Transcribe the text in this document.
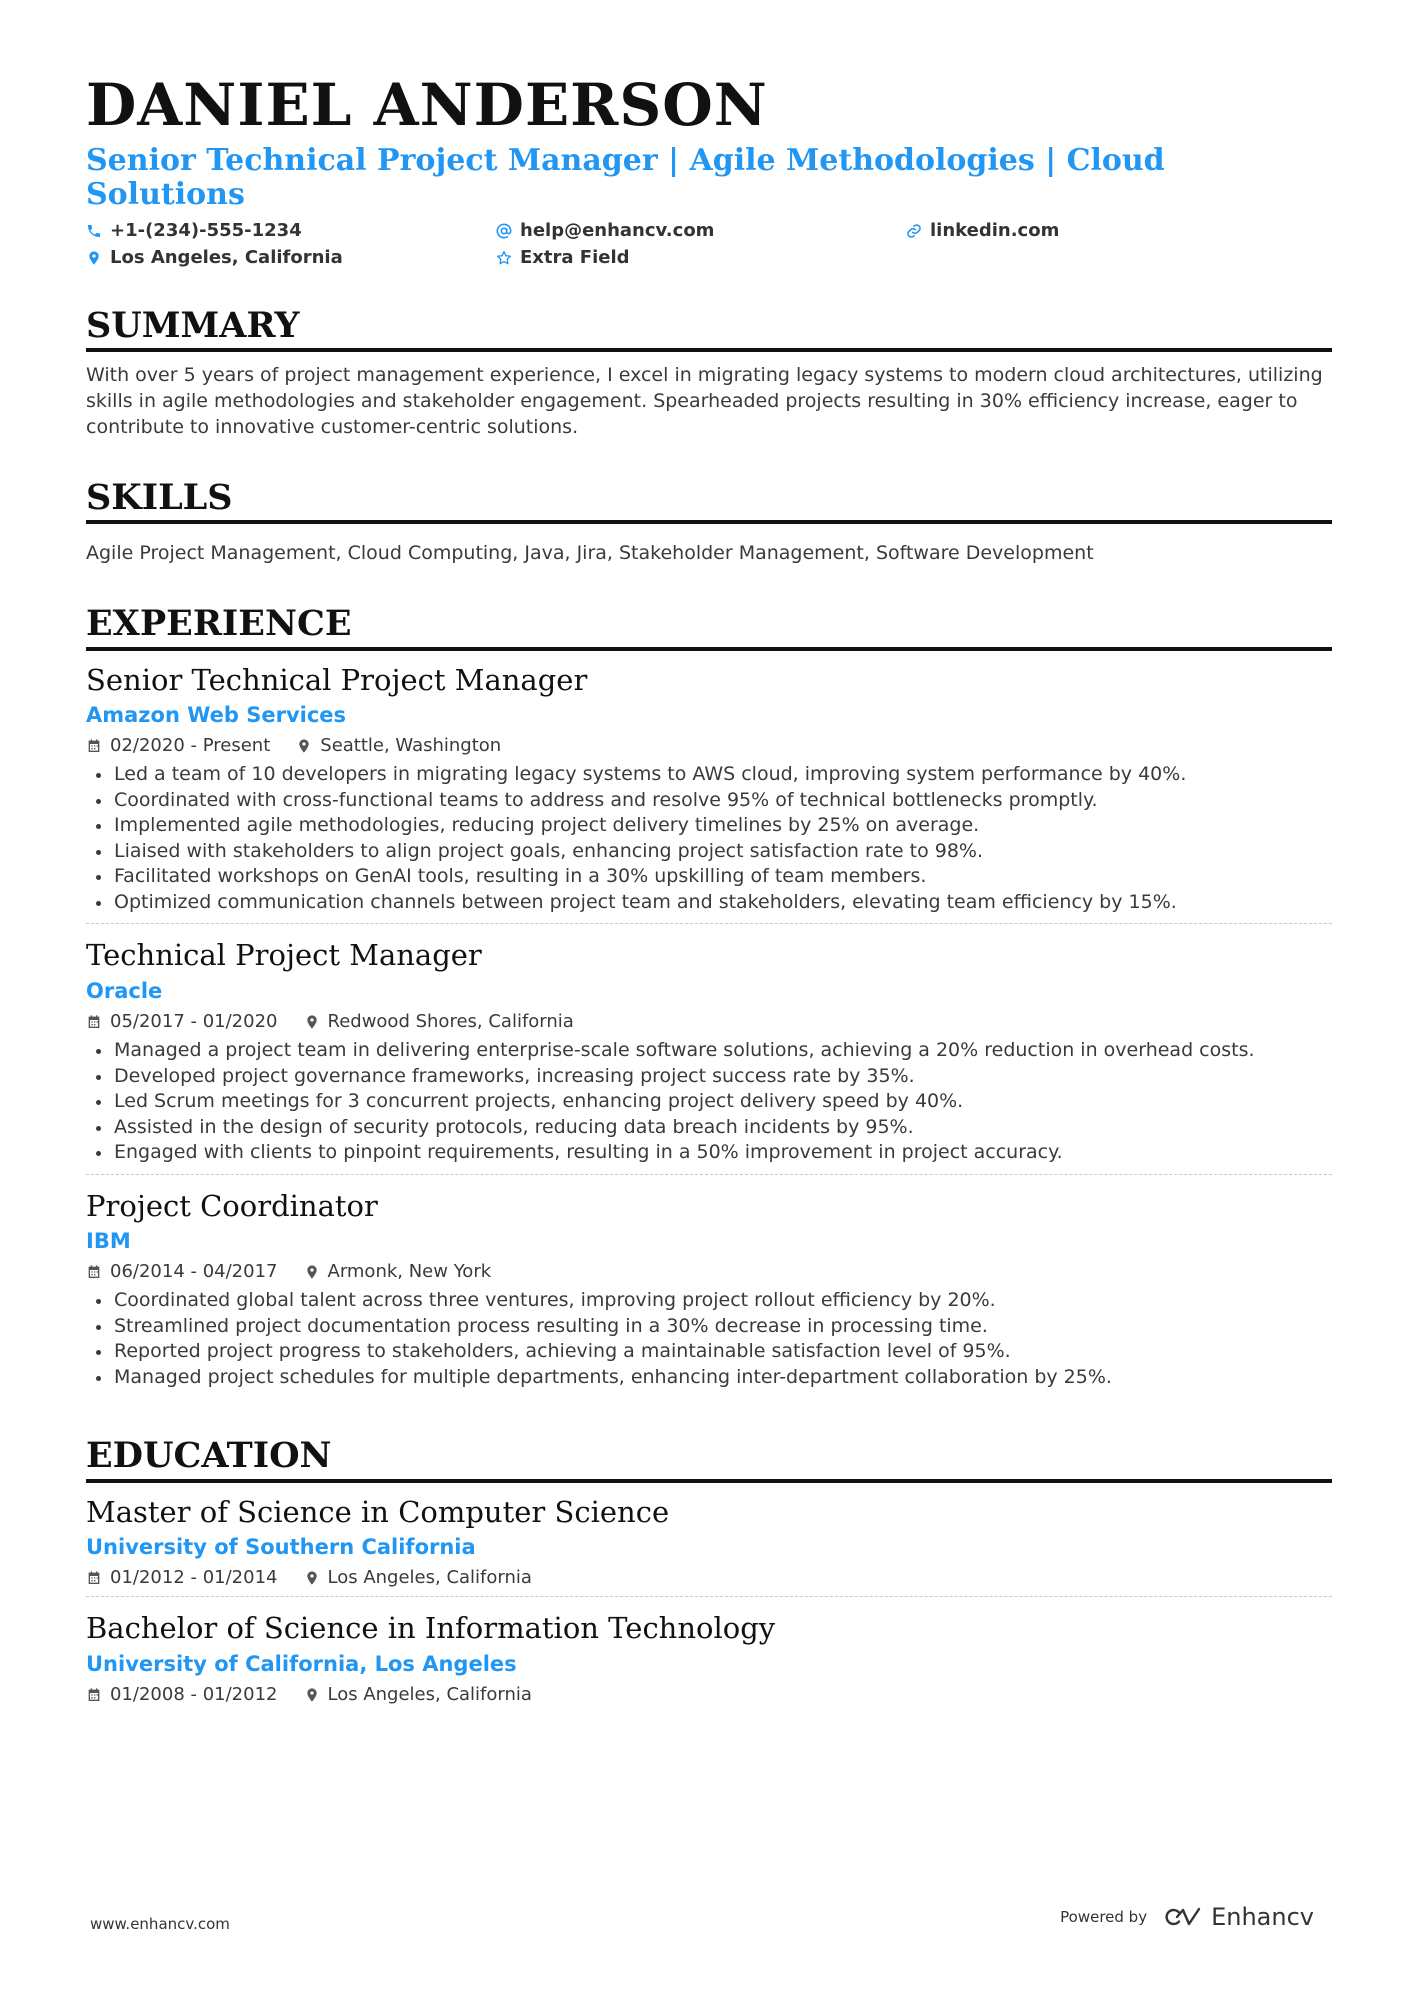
DANIEL ANDERSON
Senior Technical Project Manager | Agile Methodologies | Cloud Solutions
+1-(234)-555-1234	help@enhancv.com	linkedin.com
Los Angeles, California	Extra Field
SUMMARY
With over 5 years of project management experience, I excel in migrating legacy systems to modern cloud architectures, utilizing skills in agile methodologies and stakeholder engagement. Spearheaded projects resulting in 30% efficiency increase, eager to contribute to innovative customer-centric solutions.
SKILLS
Agile Project Management, Cloud Computing, Java, Jira, Stakeholder Management, Software Development
EXPERIENCE
Senior Technical Project Manager
Amazon Web Services
02/2020 - Present	Seattle, Washington
Led a team of 10 developers in migrating legacy systems to AWS cloud, improving system performance by 40%.
Coordinated with cross-functional teams to address and resolve 95% of technical bottlenecks promptly.
Implemented agile methodologies, reducing project delivery timelines by 25% on average.
Liaised with stakeholders to align project goals, enhancing project satisfaction rate to 98%.
Facilitated workshops on GenAI tools, resulting in a 30% upskilling of team members.
Optimized communication channels between project team and stakeholders, elevating team efficiency by 15%.
Technical Project Manager
Oracle
05/2017 - 01/2020	Redwood Shores, California
Managed a project team in delivering enterprise-scale software solutions, achieving a 20% reduction in overhead costs.
Developed project governance frameworks, increasing project success rate by 35%.
Led Scrum meetings for 3 concurrent projects, enhancing project delivery speed by 40%.
Assisted in the design of security protocols, reducing data breach incidents by 95%.
Engaged with clients to pinpoint requirements, resulting in a 50% improvement in project accuracy.
Project Coordinator
IBM
06/2014 - 04/2017	Armonk, New York
Coordinated global talent across three ventures, improving project rollout efficiency by 20%.
Streamlined project documentation process resulting in a 30% decrease in processing time.
Reported project progress to stakeholders, achieving a maintainable satisfaction level of 95%.
Managed project schedules for multiple departments, enhancing inter-department collaboration by 25%.
EDUCATION
Master of Science in Computer Science
University of Southern California
01/2012 - 01/2014	Los Angeles, California
Bachelor of Science in Information Technology
University of California, Los Angeles
01/2008 - 01/2012	Los Angeles, California
www.enhancv.com	Powered by	Enhancv
